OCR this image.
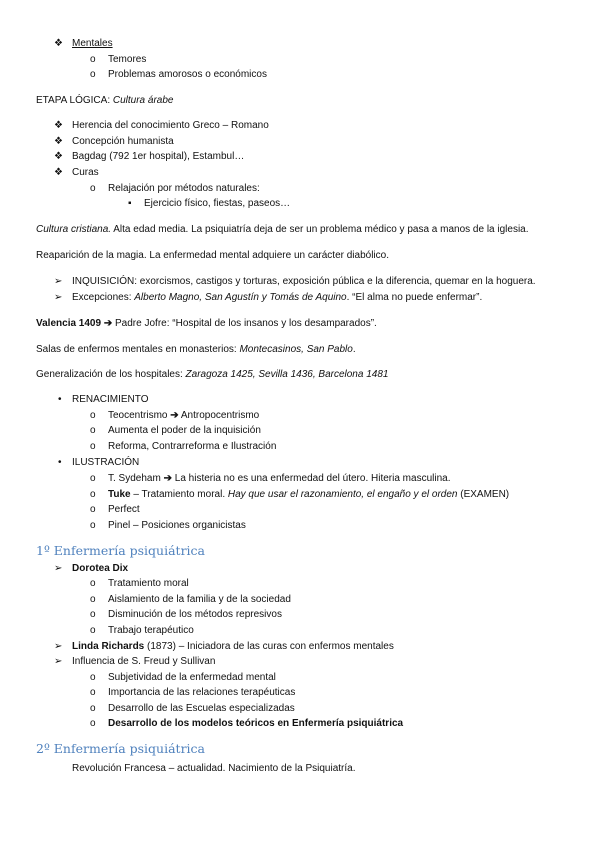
❖ Mentales
o Temores
o Problemas amorosos o económicos
ETAPA LÓGICA: Cultura árabe
❖ Herencia del conocimiento Greco – Romano
❖ Concepción humanista
❖ Bagdag (792 1er hospital), Estambul…
❖ Curas
o Relajación por métodos naturales:
▪ Ejercicio físico, fiestas, paseos…
Cultura cristiana. Alta edad media. La psiquiatría deja de ser un problema médico y pasa a manos de la iglesia.
Reaparición de la magia. La enfermedad mental adquiere un carácter diabólico.
➢ INQUISICIÓN: exorcismos, castigos y torturas, exposición pública e la diferencia, quemar en la hoguera.
➢ Excepciones: Alberto Magno, San Agustín y Tomás de Aquino. “El alma no puede enfermar”.
Valencia 1409 ➔ Padre Jofre: “Hospital de los insanos y los desamparados”.
Salas de enfermos mentales en monasterios: Montecasinos, San Pablo.
Generalización de los hospitales: Zaragoza 1425, Sevilla 1436, Barcelona 1481
• RENACIMIENTO
o Teocentrismo ➔ Antropocentrismo
o Aumenta el poder de la inquisición
o Reforma, Contrarreforma e Ilustración
• ILUSTRACIÓN
o T. Sydeham ➔ La histeria no es una enfermedad del útero. Hiteria masculina.
o Tuke – Tratamiento moral. Hay que usar el razonamiento, el engaño y el orden (EXAMEN)
o Perfect
o Pinel – Posiciones organicistas
1º Enfermería psiquiátrica
➢ Dorotea Dix
o Tratamiento moral
o Aislamiento de la familia y de la sociedad
o Disminución de los métodos represivos
o Trabajo terapéutico
➢ Linda Richards (1873) – Iniciadora de las curas con enfermos mentales
➢ Influencia de S. Freud y Sullivan
o Subjetividad de la enfermedad mental
o Importancia de las relaciones terapéuticas
o Desarrollo de las Escuelas especializadas
o Desarrollo de los modelos teóricos en Enfermería psiquiátrica
2º Enfermería psiquiátrica
Revolución Francesa – actualidad. Nacimiento de la Psiquiatría.
